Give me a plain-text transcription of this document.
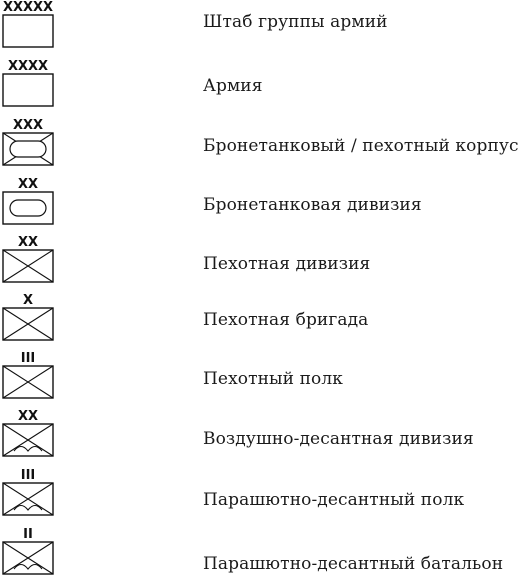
XXXXX
Штаб группы армий
XXXX
Армия
XXX
Бронетанковый / пехотный корпус
XX
Бронетанковая дивизия
XX
Пехотная дивизия
X
Пехотная бригада
III
Пехотный полк
XX
Воздушно-десантная дивизия
III
Парашютно-десантный полк
II
Парашютно-десантный батальон
